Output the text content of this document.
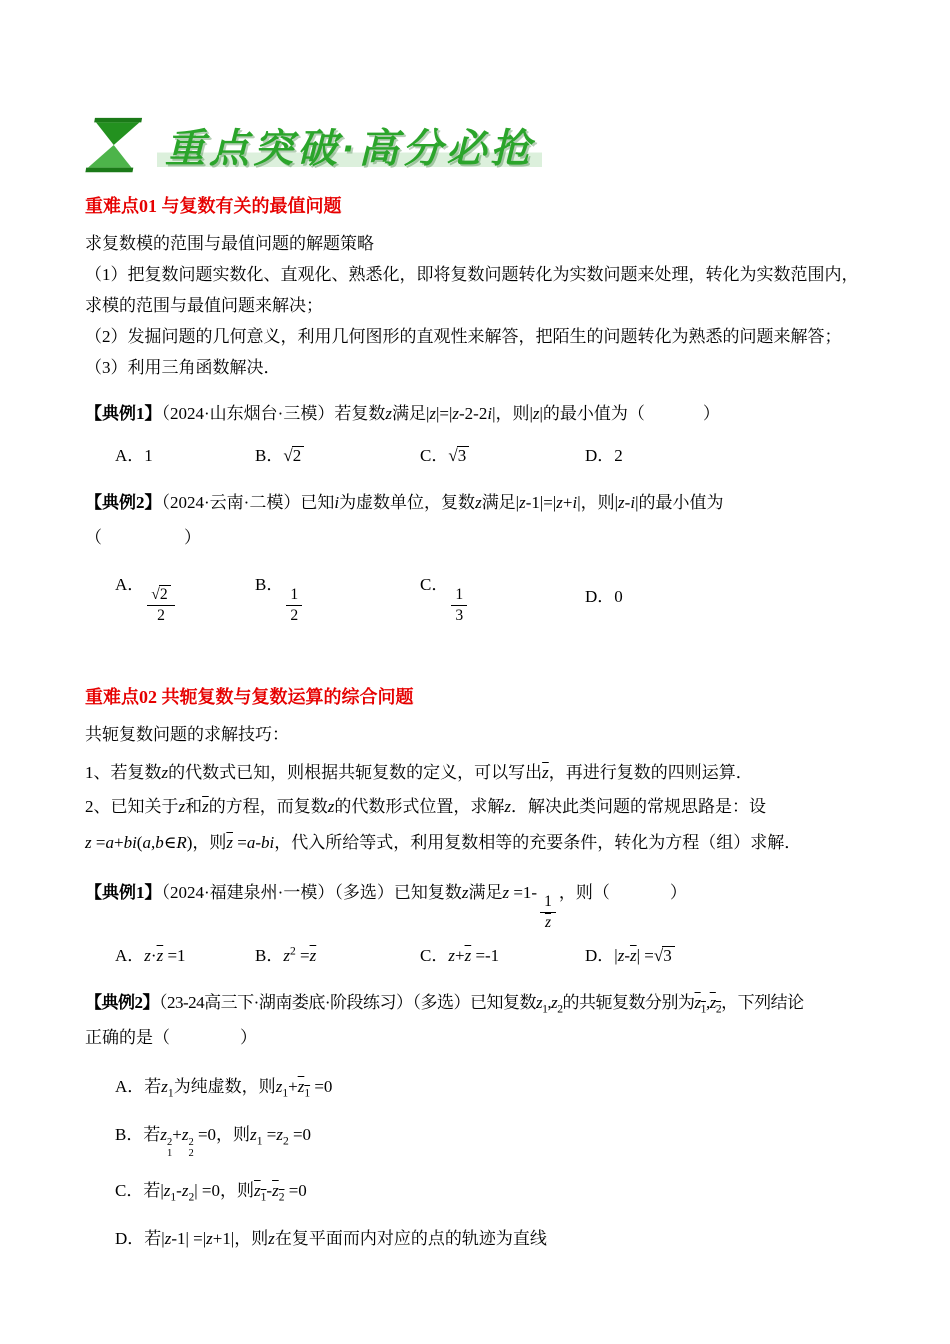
重点突破·高分必抢
重难点01 与复数有关的最值问题

求复数模的范围与最值问题的解题策略

（1）把复数问题实数化、直观化、熟悉化，即将复数问题转化为实数问题来处理，转化为实数范围内，

求模的范围与最值问题来解决；

（2）发掘问题的几何意义，利用几何图形的直观性来解答，把陌生的问题转化为熟悉的问题来解答；

（3）利用三角函数解决．

【典例1】（2024·山东烟台·三模）若复数z满足|z|=|z-2-2i|，则|z|的最小值为（	）

A．1	B．√2	C．√3	D．2

【典例2】（2024·云南·二模）已知i为虚数单位，复数z满足|z-1|=|z+i|，则|z-i|的最小值为

（	）

A．
$\frac{√2}{2}$
B．
$\frac{1}{2}$
C．
$\frac{1}{3}$	D．0
重难点02 共轭复数与复数运算的综合问题

共轭复数问题的求解技巧：

1、若复数z的代数式已知，则根据共轭复数的定义，可以写出$\overline{z}$，再进行复数的四则运算．

2、已知关于z和$\overline{z}$的方程，而复数z的代数形式位置，求解z．解决此类问题的常规思路是：设

z =a+bi(a,b∈R)，则$\overline{z} =a-bi$，代入所给等式，利用复数相等的充要条件，转化为方程（组）求解．

【典例1】（2024·福建泉州·一模）（多选）已知复数z满足z =1-
$\frac{1}{z}$
，则（	）

A．$z\cdot\overline{z} =1$	B．$z^2 =\overline{z}$	C．$z+\overline{z} =-1$	D．$|z-\overline{z}| =√3$

【典例2】（23-24高三下·湖南娄底·阶段练习）（多选）已知复数$z_1,z_2$的共轭复数分别为$z_1,z_2$，下列结论

正确的是（	）

A．若$z_1$为纯虚数，则$z_1+z_1 =0$
B．若z 2
1
+z 2
2
=0，则$z_1 =z_2 =0$
C．若$|z_1-z_2| =0$，则$z_1-z_2 =0$
D．若|z-1| =|z+1|，则z在复平面而内对应的点的轨迹为直线
